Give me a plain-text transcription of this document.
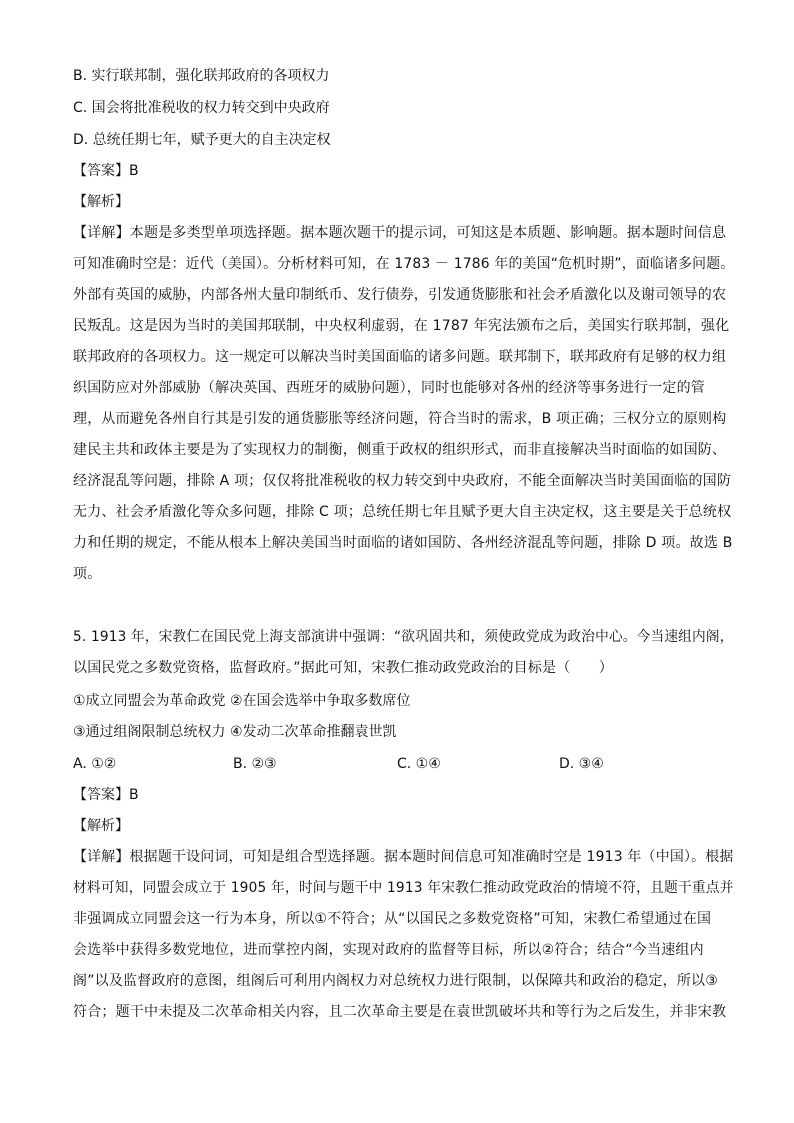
B. 实行联邦制，强化联邦政府的各项权力
C. 国会将批准税收的权力转交到中央政府
D. 总统任期七年，赋予更大的自主决定权
【答案】B
【解析】
【详解】本题是多类型单项选择题。据本题次题干的提示词，可知这是本质题、影响题。据本题时间信息
可知准确时空是：近代（美国）。分析材料可知，在 1783 － 1786 年的美国“危机时期”，面临诸多问题。
外部有英国的威胁，内部各州大量印制纸币、发行债券，引发通货膨胀和社会矛盾激化以及谢司领导的农
民叛乱。这是因为当时的美国邦联制，中央权利虚弱，在 1787 年宪法颁布之后，美国实行联邦制，强化
联邦政府的各项权力。这一规定可以解决当时美国面临的诸多问题。联邦制下，联邦政府有足够的权力组
织国防应对外部威胁（解决英国、西班牙的威胁问题），同时也能够对各州的经济等事务进行一定的管
理，从而避免各州自行其是引发的通货膨胀等经济问题，符合当时的需求，B 项正确；三权分立的原则构
建民主共和政体主要是为了实现权力的制衡，侧重于政权的组织形式，而非直接解决当时面临的如国防、
经济混乱等问题，排除 A 项；仅仅将批准税收的权力转交到中央政府，不能全面解决当时美国面临的国防
无力、社会矛盾激化等众多问题，排除 C 项；总统任期七年且赋予更大自主决定权，这主要是关于总统权
力和任期的规定，不能从根本上解决美国当时面临的诸如国防、各州经济混乱等问题，排除 D 项。故选 B
项。
5. 1913 年，宋教仁在国民党上海支部演讲中强调：“欲巩固共和，须使政党成为政治中心。今当速组内阁，
以国民党之多数党资格，监督政府。”据此可知，宋教仁推动政党政治的目标是（　　）
①成立同盟会为革命政党 ②在国会选举中争取多数席位
③通过组阁限制总统权力 ④发动二次革命推翻袁世凯
A. ①②	B. ②③	C. ①④	D. ③④
【答案】B
【解析】
【详解】根据题干设问词，可知是组合型选择题。据本题时间信息可知准确时空是 1913 年（中国）。根据
材料可知，同盟会成立于 1905 年，时间与题干中 1913 年宋教仁推动政党政治的情境不符，且题干重点并
非强调成立同盟会这一行为本身，所以①不符合；从“以国民之多数党资格”可知，宋教仁希望通过在国
会选举中获得多数党地位，进而掌控内阁，实现对政府的监督等目标，所以②符合；结合“今当速组内
阁”以及监督政府的意图，组阁后可利用内阁权力对总统权力进行限制，以保障共和政治的稳定，所以③
符合；题干中未提及二次革命相关内容，且二次革命主要是在袁世凯破坏共和等行为之后发生，并非宋教
